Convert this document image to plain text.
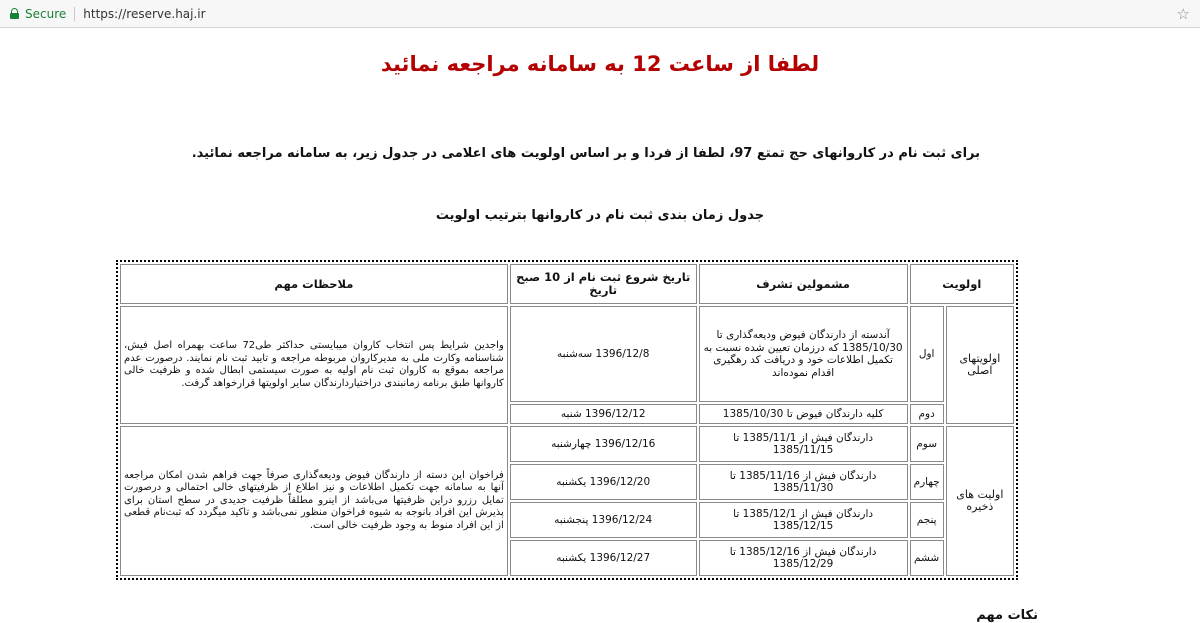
Secure https://reserve.haj.ir	☆
لطفا از ساعت 12 به سامانه مراجعه نمائید
برای ثبت نام در کاروانهای حج تمتع 97، لطفا از فردا و بر اساس اولویت های اعلامی در جدول زیر، به سامانه مراجعه نمائید.
جدول زمان بندی ثبت نام در کاروانها بترتیب اولویت
اولویت		مشمولین تشرف	تاریخ شروع ثبت نام از 10 صبح تاریخ	ملاحظات مهم
اولویتهای اصلی	اول	آندسته از دارندگان فیوض ودیعه‌گذاری تا 1385/10/30 که درزمان تعیین شده نسبت به تکمیل اطلاعات خود و دریافت کد رهگیری اقدام نموده‌اند	1396/12/8 سه‌شنبه	واجدین شرایط پس انتخاب کاروان میبایستی حداکثر طی72 ساعت بهمراه اصل فیش، شناسنامه وکارت ملی به مدیرکاروان مربوطه مراجعه و تایید ثبت نام نمایند. درصورت عدم مراجعه بموقع به کاروان ثبت نام اولیه به صورت سیستمی ابطال شده و ظرفیت خالی کاروانها طبق برنامه زمانبندی دراختیاردارندگان سایر اولویتها قرارخواهد گرفت.
	دوم	کلیه دارندگان فیوض تا 1385/10/30	1396/12/12 شنبه	
اولیت های ذخیره	سوم	دارندگان فیش از 1385/11/1 تا 1385/11/15	1396/12/16 چهارشنبه	فراخوان این دسته از دارندگان فیوض ودیعه‌گذاری صرفاً جهت فراهم شدن امکان مراجعه آنها به سامانه جهت تکمیل اطلاعات و نیز اطلاع از ظرفیتهای خالی احتمالی و درصورت تمایل رزرو دراین ظرفیتها می‌باشد از اینرو مطلقاً ظرفیت جدیدی در سطح استان برای پذیرش این افراد بانوجه به شیوه فراخوان منظور نمی‌باشد و تاکید میگردد که ثبت‌نام قطعی از این افراد منوط به وجود ظرفیت خالی است.
	چهارم	دارندگان فیش از 1385/11/16 تا 1385/11/30	1396/12/20 یکشنبه	
	پنجم	دارندگان فیش از 1385/12/1 تا 1385/12/15	1396/12/24 پنجشنبه	
	ششم	دارندگان فیش از 1385/12/16 تا 1385/12/29	1396/12/27 یکشنبه	
نکات مهم
